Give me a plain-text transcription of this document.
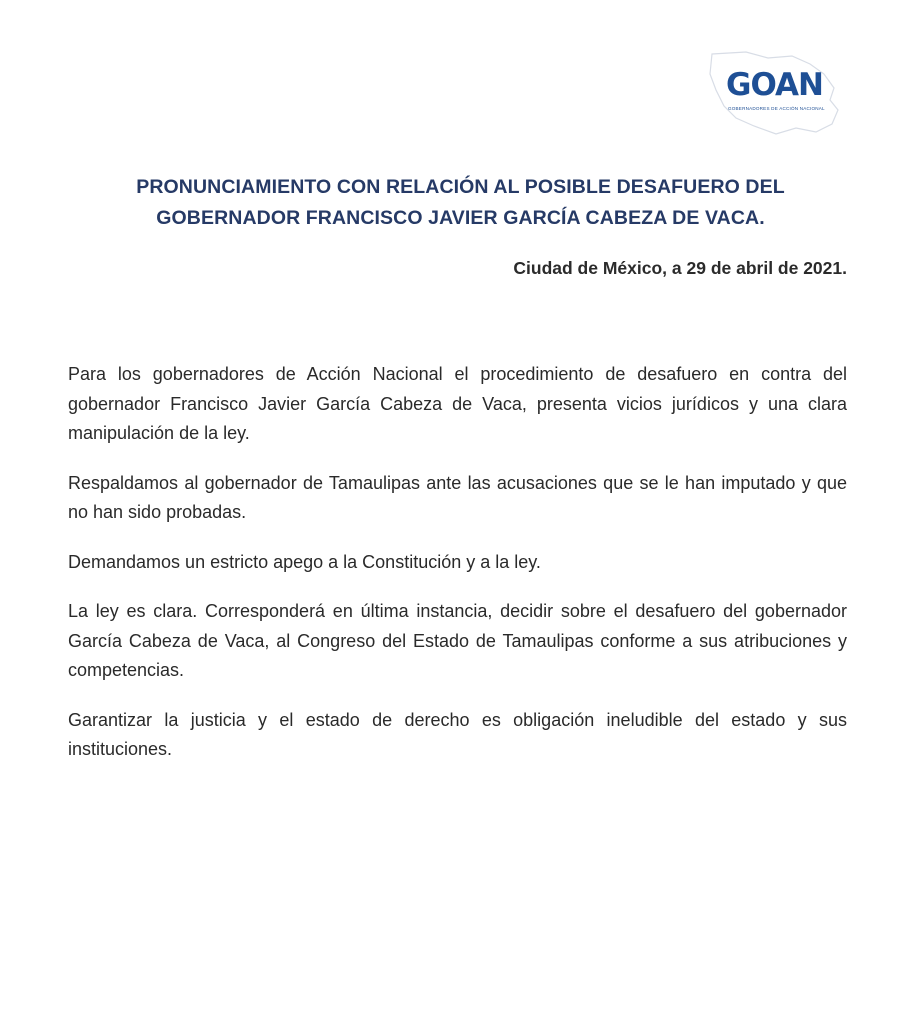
GOAN
GOBERNADORES DE ACCIÓN NACIONAL
PRONUNCIAMIENTO CON RELACIÓN AL POSIBLE DESAFUERO DEL
GOBERNADOR FRANCISCO JAVIER GARCÍA CABEZA DE VACA.
Ciudad de México, a 29 de abril de 2021.

Para los gobernadores de Acción Nacional el procedimiento de desafuero en contra del gobernador Francisco Javier García Cabeza de Vaca, presenta vicios jurídicos y una clara manipulación de la ley.

Respaldamos al gobernador de Tamaulipas ante las acusaciones que se le han imputado y que no han sido probadas.

Demandamos un estricto apego a la Constitución y a la ley.

La ley es clara. Corresponderá en última instancia, decidir sobre el desafuero del gobernador García Cabeza de Vaca, al Congreso del Estado de Tamaulipas conforme a sus atribuciones y competencias.

Garantizar la justicia y el estado de derecho es obligación ineludible del estado y sus instituciones.
